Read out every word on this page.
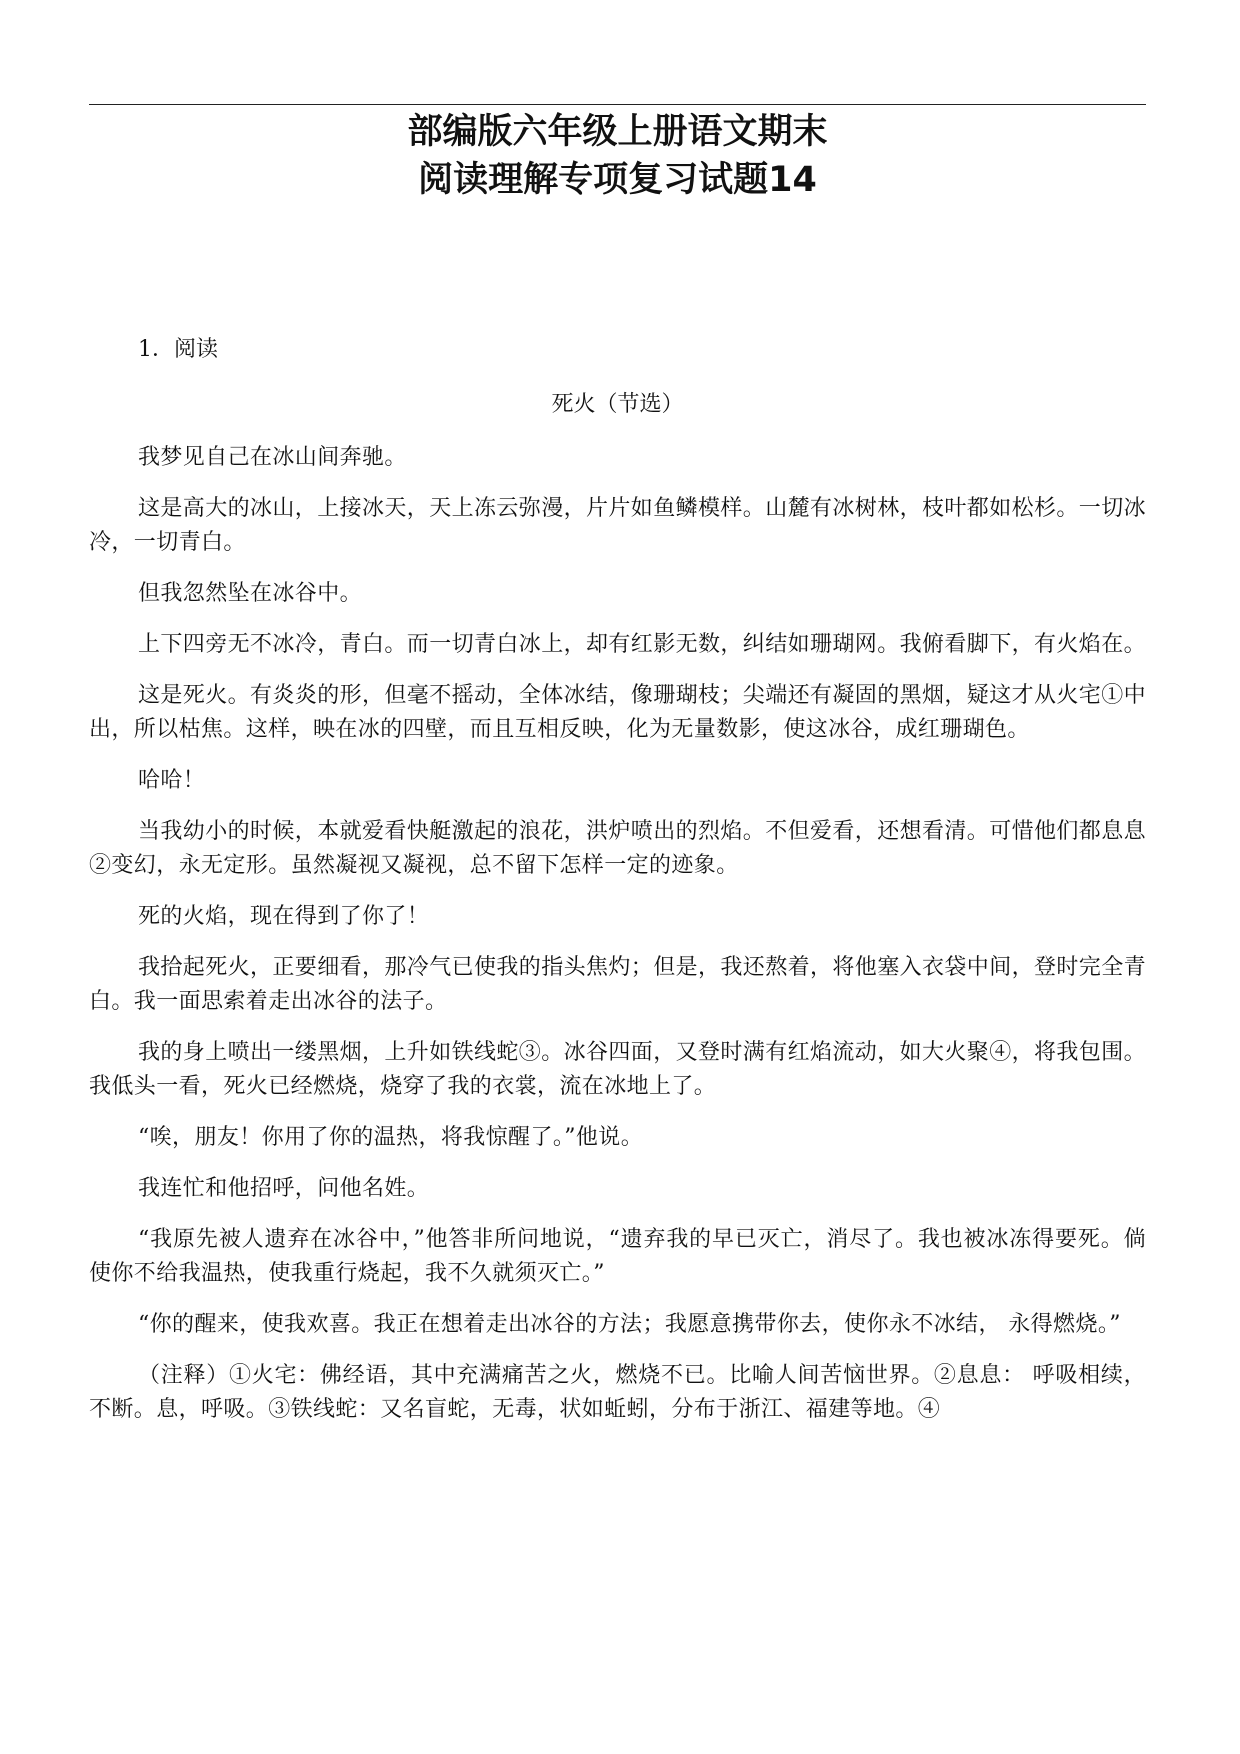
部编版六年级上册语文期末
阅读理解专项复习试题14
1．阅读
死火（节选）

我梦见自己在冰山间奔驰。

这是高大的冰山，上接冰天，天上冻云弥漫，片片如鱼鳞模样。山麓有冰树林，枝叶都如松杉。一切冰冷，一切青白。

但我忽然坠在冰谷中。

上下四旁无不冰冷，青白。而一切青白冰上，却有红影无数，纠结如珊瑚网。我俯看脚下，有火焰在。

这是死火。有炎炎的形，但毫不摇动，全体冰结，像珊瑚枝；尖端还有凝固的黑烟，疑这才从火宅①中出，所以枯焦。这样，映在冰的四壁，而且互相反映，化为无量数影，使这冰谷，成红珊瑚色。

哈哈！

当我幼小的时候，本就爱看快艇激起的浪花，洪炉喷出的烈焰。不但爱看，还想看清。可惜他们都息息②变幻，永无定形。虽然凝视又凝视，总不留下怎样一定的迹象。

死的火焰，现在得到了你了！

我拾起死火，正要细看，那冷气已使我的指头焦灼；但是，我还熬着，将他塞入衣袋中间，登时完全青白。我一面思索着走出冰谷的法子。

我的身上喷出一缕黑烟，上升如铁线蛇③。冰谷四面，又登时满有红焰流动，如大火聚④，将我包围。我低头一看，死火已经燃烧，烧穿了我的衣裳，流在冰地上了。

“唉，朋友！你用了你的温热，将我惊醒了。”他说。

我连忙和他招呼，问他名姓。

“我原先被人遗弃在冰谷中，”他答非所问地说，“遗弃我的早已灭亡，消尽了。我也被冰冻得要死。倘使你不给我温热，使我重行烧起，我不久就须灭亡。”

“你的醒来，使我欢喜。我正在想着走出冰谷的方法；我愿意携带你去，使你永不冰结， 永得燃烧。”

（注释）①火宅：佛经语，其中充满痛苦之火，燃烧不已。比喻人间苦恼世界。②息息： 呼吸相续，不断。息，呼吸。③铁线蛇：又名盲蛇，无毒，状如蚯蚓，分布于浙江、福建等地。④
